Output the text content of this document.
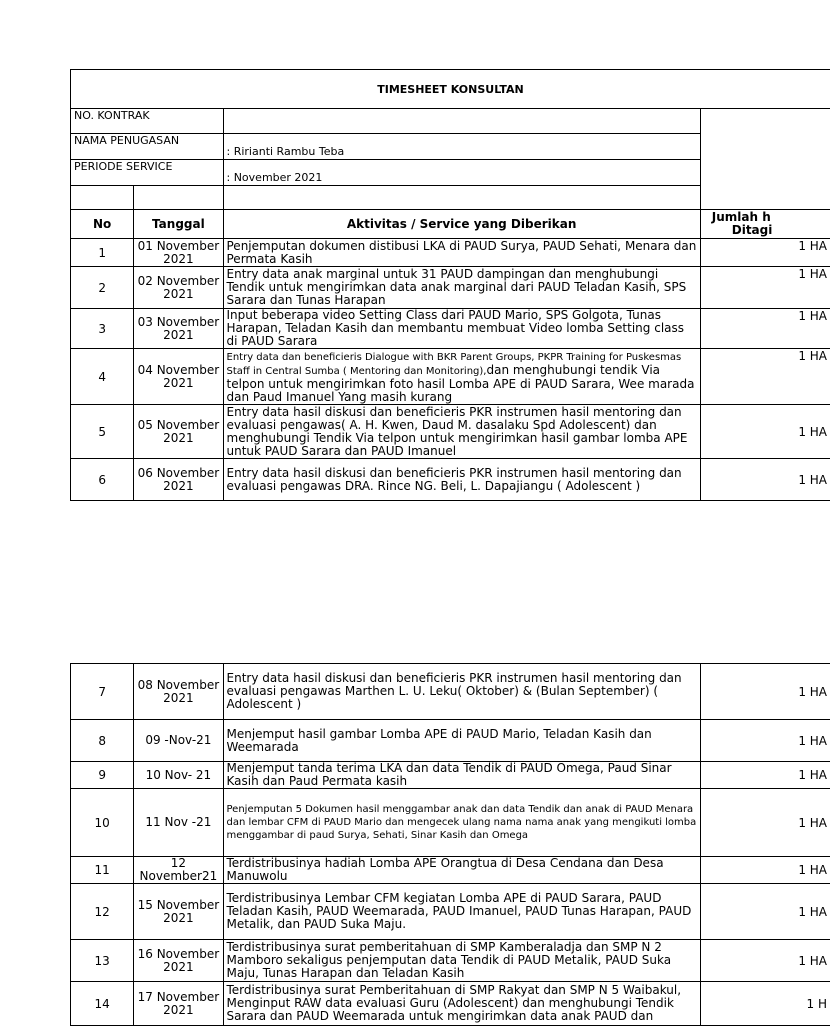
TIMESHEET KONSULTAN			
NO. KONTRAK			
NAMA PENUGASAN		: Ririanti Rambu Teba	
PERIODE SERVICE		: November 2021	

No	Tanggal	Aktivitas / Service yang Diberikan	Jumlah h
Ditagi

1	01 November 2021	Penjemputan dokumen distibusi LKA di PAUD Surya, PAUD Sehati, Menara dan Permata Kasih	1 HA
2	02 November 2021	Entry data anak marginal untuk 31 PAUD dampingan dan menghubungi Tendik untuk mengirimkan data anak marginal dari PAUD Teladan Kasih, SPS Sarara dan Tunas Harapan	1 HA
3	03 November 2021	Input beberapa video Setting Class dari PAUD Mario, SPS Golgota, Tunas Harapan, Teladan Kasih dan membantu membuat Video lomba Setting class di PAUD Sarara	1 HA
4	04 November 2021	Entry data dan beneficieris Dialogue with BKR Parent Groups, PKPR Training for Puskesmas Staff in Central Sumba ( Mentoring dan Monitoring),dan menghubungi tendik Via telpon untuk mengirimkan foto hasil Lomba APE di PAUD Sarara, Wee marada dan Paud Imanuel Yang masih kurang	1 HA
5	05 November 2021	Entry data hasil diskusi dan beneficieris PKR instrumen hasil mentoring dan evaluasi pengawas( A. H. Kwen, Daud M. dasalaku Spd Adolescent) dan menghubungi Tendik Via telpon untuk mengirimkan hasil gambar lomba APE untuk PAUD Sarara dan PAUD Imanuel	1 HA
6	06 November 2021	Entry data hasil diskusi dan beneficieris PKR instrumen hasil mentoring dan evaluasi pengawas DRA. Rince NG. Beli, L. Dapajiangu ( Adolescent )	1 HA
7	08 November 2021	Entry data hasil diskusi dan beneficieris PKR instrumen hasil mentoring dan evaluasi pengawas Marthen L. U. Leku( Oktober) & (Bulan September) ( Adolescent )	1 HA
8	09 -Nov-21	Menjemput hasil gambar Lomba APE di PAUD Mario, Teladan Kasih dan Weemarada	1 HA
9	10 Nov- 21	Menjemput tanda terima LKA dan data Tendik di PAUD Omega, Paud Sinar Kasih dan Paud Permata kasih	1 HA
10	11 Nov -21	Penjemputan 5 Dokumen hasil menggambar anak dan data Tendik dan anak di PAUD Menara dan lembar CFM di PAUD Mario dan mengecek ulang nama nama anak yang mengikuti lomba menggambar di paud Surya, Sehati, Sinar Kasih dan Omega	1 HA
11	12 November21	Terdistribusinya hadiah Lomba APE Orangtua di Desa Cendana dan Desa Manuwolu	1 HA
12	15 November 2021	Terdistribusinya Lembar CFM kegiatan Lomba APE di PAUD Sarara, PAUD Teladan Kasih, PAUD Weemarada, PAUD Imanuel, PAUD Tunas Harapan, PAUD Metalik, dan PAUD Suka Maju.	1 HA
13	16 November 2021	Terdistribusinya surat pemberitahuan di SMP Kamberaladja dan SMP N 2 Mamboro sekaligus penjemputan data Tendik di PAUD Metalik, PAUD Suka Maju, Tunas Harapan dan Teladan Kasih	1 HA
14	17 November 2021	Terdistribusinya surat Pemberitahuan di SMP Rakyat dan SMP N 5 Waibakul, Menginput RAW data evaluasi Guru (Adolescent) dan menghubungi Tendik Sarara dan PAUD Weemarada untuk mengirimkan data anak PAUD dan	1 H
